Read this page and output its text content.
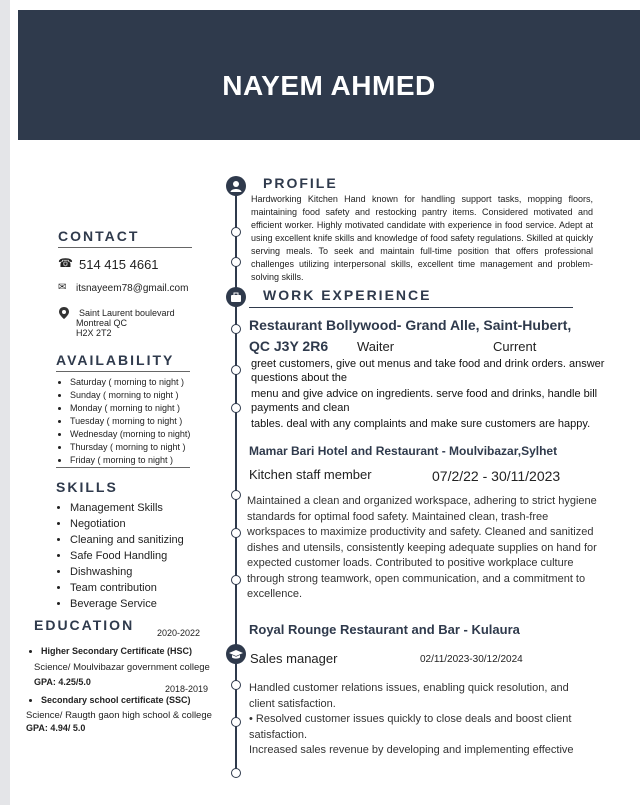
NAYEM AHMED
CONTACT
☎ 514 415 4661
✉ itsnayeem78@gmail.com
Saint Laurent boulevard
Montreal QC
H2X 2T2
AVAILABILITY
• Saturday ( morning to night )
• Sunday ( morning to night )
• Monday ( morning to night )
• Tuesday ( morning to night )
• Wednesday (morning to night)
• Thursday ( morning to night )
• Friday ( morning to night )
SKILLS
• Management Skills
• Negotiation
• Cleaning and sanitizing
• Safe Food Handling
• Dishwashing
• Team contribution
• Beverage Service
EDUCATION	2020-2022
• Higher Secondary Certificate (HSC)
Science/ Moulvibazar government college
GPA: 4.25/5.0
2018-2019
• Secondary school certificate (SSC)
Science/ Raugth gaon high school & college
GPA: 4.94/ 5.0
PROFILE
Hardworking Kitchen Hand known for handling support tasks, mopping floors, maintaining food safety and restocking pantry items. Considered motivated and efficient worker. Highly motivated candidate with experience in food service. Adept at using excellent knife skills and knowledge of food safety regulations. Skilled at quickly serving meals. To seek and maintain full-time position that offers professional challenges utilizing interpersonal skills, excellent time management and problem-solving skills.
WORK EXPERIENCE
Restaurant Bollywood- Grand Alle, Saint-Hubert,
QC J3Y 2R6 Waiter	Current
greet customers, give out menus and take food and drink orders. answer questions about the
menu and give advice on ingredients. serve food and drinks, handle bill payments and clean
tables. deal with any complaints and make sure customers are happy.
Mamar Bari Hotel and Restaurant - Moulvibazar,Sylhet
Kitchen staff member	07/2/22 - 30/11/2023
Maintained a clean and organized workspace, adhering to strict hygiene standards for optimal food safety. Maintained clean, trash-free workspaces to maximize productivity and safety. Cleaned and sanitized dishes and utensils, consistently keeping adequate supplies on hand for expected customer loads. Contributed to positive workplace culture through strong teamwork, open communication, and a commitment to excellence.
Royal Rounge Restaurant and Bar - Kulaura
Sales manager	02/11/2023-30/12/2024
Handled customer relations issues, enabling quick resolution, and client satisfaction.
• Resolved customer issues quickly to close deals and boost client satisfaction.
Increased sales revenue by developing and implementing effective
